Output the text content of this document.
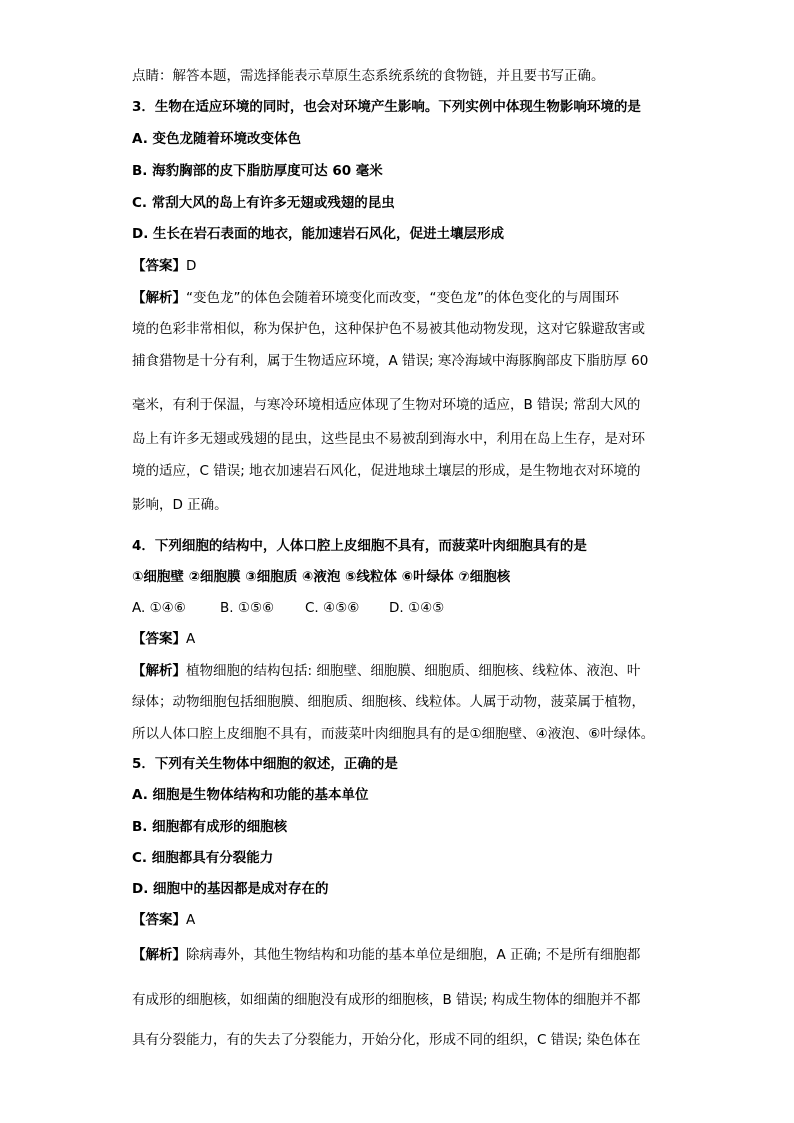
点睛：解答本题，需选择能表示草原生态系统系统的食物链，并且要书写正确。
3．生物在适应环境的同时，也会对环境产生影响。下列实例中体现生物影响环境的是
A. 变色龙随着环境改变体色
B. 海豹胸部的皮下脂肪厚度可达 60 毫米
C. 常刮大风的岛上有许多无翅或残翅的昆虫
D. 生长在岩石表面的地衣，能加速岩石风化，促进土壤层形成
【答案】D
【解析】“变色龙”的体色会随着环境变化而改变，“变色龙”的体色变化的与周围环
境的色彩非常相似，称为保护色，这种保护色不易被其他动物发现，这对它躲避敌害或
捕食猎物是十分有利，属于生物适应环境，A 错误; 寒冷海域中海豚胸部皮下脂肪厚 60
毫米，有利于保温，与寒冷环境相适应体现了生物对环境的适应，B 错误; 常刮大风的
岛上有许多无翅或残翅的昆虫，这些昆虫不易被刮到海水中，利用在岛上生存，是对环
境的适应，C 错误; 地衣加速岩石风化，促进地球土壤层的形成，是生物地衣对环境的
影响，D 正确。
4．下列细胞的结构中，人体口腔上皮细胞不具有，而菠菜叶肉细胞具有的是
①细胞壁 ②细胞膜 ③细胞质 ④液泡 ⑤线粒体 ⑥叶绿体 ⑦细胞核
A. ①④⑥	B. ①⑤⑥ C. ④⑤⑥ D. ①④⑤
【答案】A
【解析】植物细胞的结构包括: 细胞壁、细胞膜、细胞质、细胞核、线粒体、液泡、叶
绿体；动物细胞包括细胞膜、细胞质、细胞核、线粒体。人属于动物，菠菜属于植物，
所以人体口腔上皮细胞不具有，而菠菜叶肉细胞具有的是①细胞壁、④液泡、⑥叶绿体。
5．下列有关生物体中细胞的叙述，正确的是
A. 细胞是生物体结构和功能的基本单位
B. 细胞都有成形的细胞核
C. 细胞都具有分裂能力
D. 细胞中的基因都是成对存在的
【答案】A
【解析】除病毒外，其他生物结构和功能的基本单位是细胞，A 正确; 不是所有细胞都
有成形的细胞核，如细菌的细胞没有成形的细胞核，B 错误; 构成生物体的细胞并不都
具有分裂能力，有的失去了分裂能力，开始分化，形成不同的组织，C 错误; 染色体在
